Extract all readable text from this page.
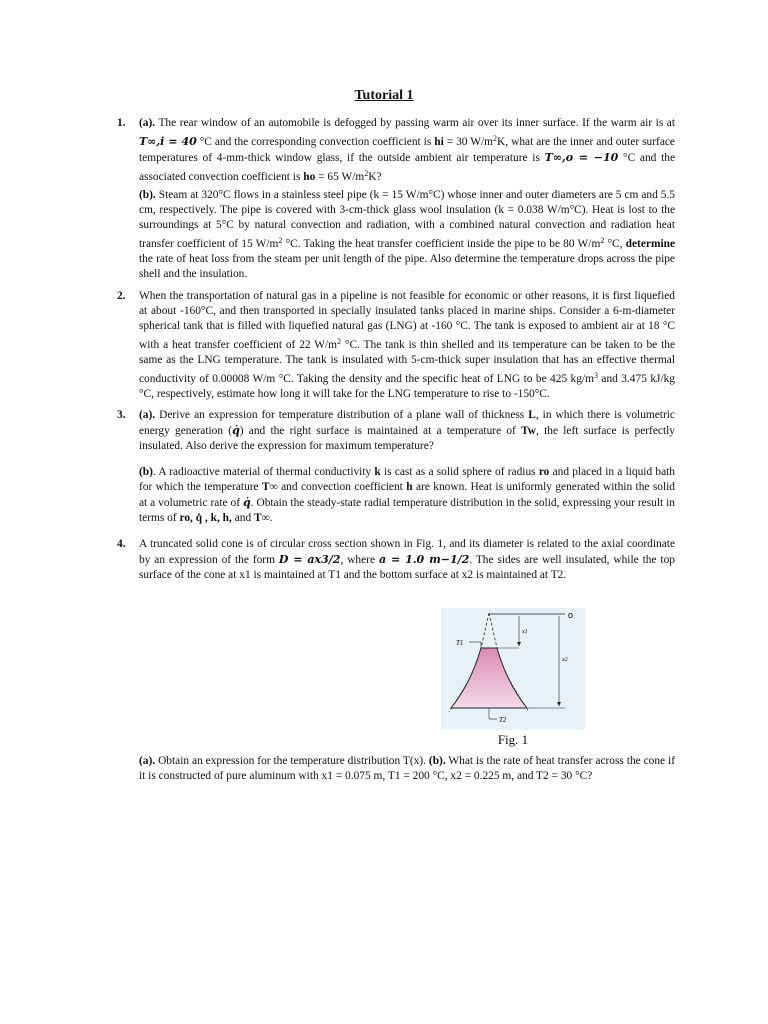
Tutorial 1
1. (a). The rear window of an automobile is defogged by passing warm air over its inner surface. If the warm air is at T∞,i = 40 °C and the corresponding convection coefficient is hi = 30 $W/m^2K$, what are the inner and outer surface temperatures of 4-mm-thick window glass, if the outside ambient air temperature is T∞,o = −10 °C and the associated convection coefficient is ho = 65 $W/m^2K$?
(b). Steam at 320°C flows in a stainless steel pipe (k = 15 W/m°C) whose inner and outer diameters are 5 cm and 5.5 cm, respectively. The pipe is covered with 3-cm-thick glass wool insulation (k = 0.038 W/m°C). Heat is lost to the surroundings at 5°C by natural convection and radiation, with a combined natural convection and radiation heat transfer coefficient of 15 $W/m^2$ °C. Taking the heat transfer coefficient inside the pipe to be 80 $W/m^2$ °C, determine the rate of heat loss from the steam per unit length of the pipe. Also determine the temperature drops across the pipe shell and the insulation.
2. When the transportation of natural gas in a pipeline is not feasible for economic or other reasons, it is first liquefied at about -160°C, and then transported in specially insulated tanks placed in marine ships. Consider a 6-m-diameter spherical tank that is filled with liquefied natural gas (LNG) at -160 °C. The tank is exposed to ambient air at 18 °C with a heat transfer coefficient of 22 $W/m^2$ °C. The tank is thin shelled and its temperature can be taken to be the same as the LNG temperature. The tank is insulated with 5-cm-thick super insulation that has an effective thermal conductivity of 0.00008 W/m °C. Taking the density and the specific heat of LNG to be 425 $kg/m^3$ and 3.475 kJ/kg °C, respectively, estimate how long it will take for the LNG temperature to rise to -150°C.
3. (a). Derive an expression for temperature distribution of a plane wall of thickness L, in which there is volumetric energy generation (q̇) and the right surface is maintained at a temperature of Tw, the left surface is perfectly insulated. Also derive the expression for maximum temperature?
(b). A radioactive material of thermal conductivity k is cast as a solid sphere of radius ro and placed in a liquid bath for which the temperature T∞ and convection coefficient h are known. Heat is uniformly generated within the solid at a volumetric rate of q̇. Obtain the steady-state radial temperature distribution in the solid, expressing your result in terms of ro, q̇ , k, h, and T∞.
4. A truncated solid cone is of circular cross section shown in Fig. 1, and its diameter is related to the axial coordinate by an expression of the form D = ax3/2, where a = 1.0 m−1/2. The sides are well insulated, while the top surface of the cone at x1 is maintained at T1 and the bottom surface at x2 is maintained at T2.
o
T1
x1
x2
T2
Fig. 1
(a). Obtain an expression for the temperature distribution T(x). (b). What is the rate of heat transfer across the cone if it is constructed of pure aluminum with x1 = 0.075 m, T1 = 200 °C, x2 = 0.225 m, and T2 = 30 °C?
